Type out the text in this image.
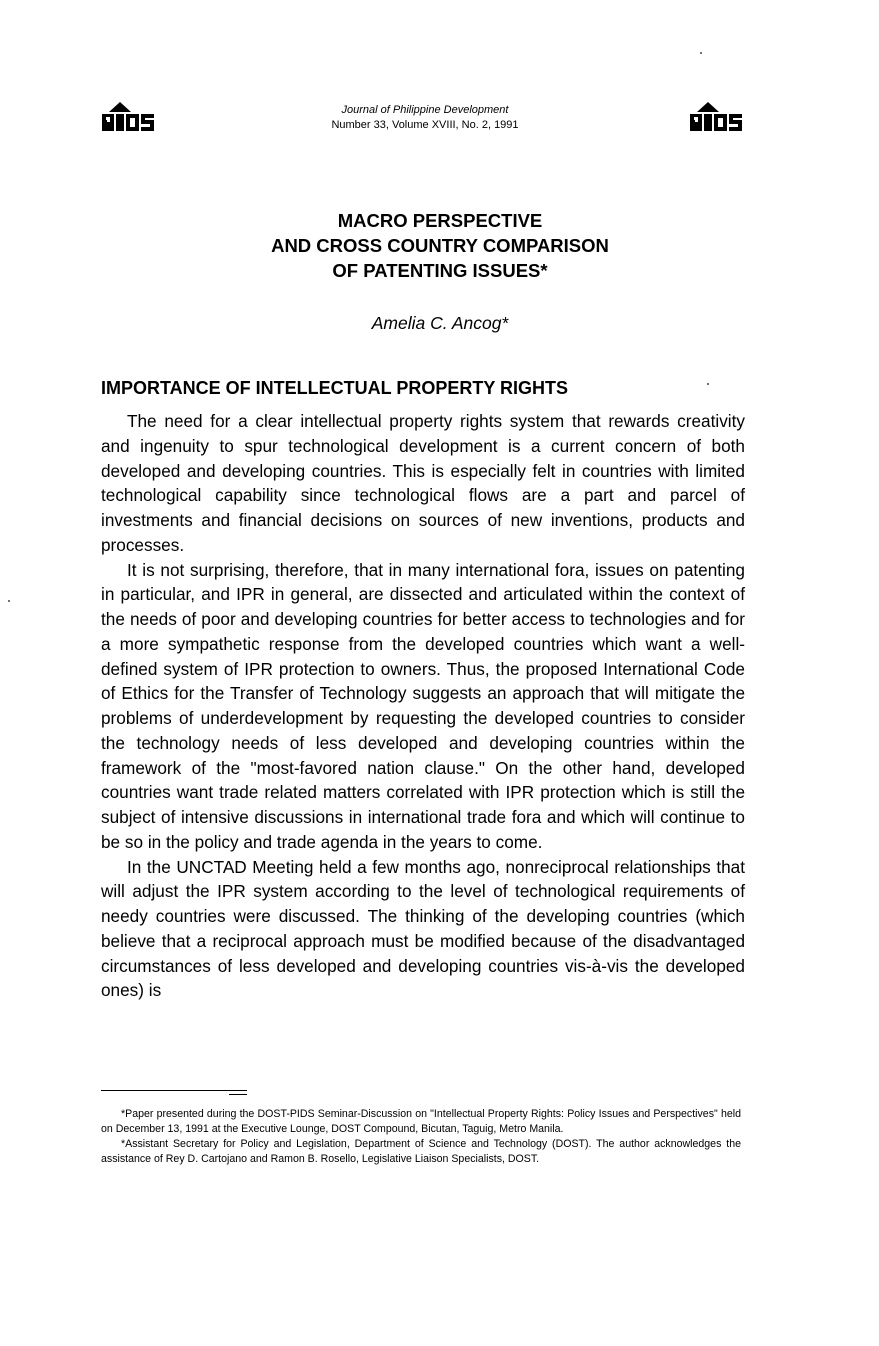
Journal of Philippine Development
Number 33, Volume XVIII, No. 2, 1991
MACRO PERSPECTIVE
AND CROSS COUNTRY COMPARISON
OF PATENTING ISSUES*
Amelia C. Ancog*
IMPORTANCE OF INTELLECTUAL PROPERTY RIGHTS

The need for a clear intellectual property rights system that rewards creativity and ingenuity to spur technological development is a current concern of both developed and developing countries. This is especially felt in countries with limited technological capability since technological flows are a part and parcel of investments and financial decisions on sources of new inventions, products and processes.

It is not surprising, therefore, that in many international fora, issues on patenting in particular, and IPR in general, are dissected and articulated within the context of the needs of poor and developing countries for better access to technologies and for a more sympathetic response from the developed countries which want a well-defined system of IPR protection to owners. Thus, the proposed International Code of Ethics for the Transfer of Technology suggests an approach that will mitigate the problems of underdevelopment by requesting the developed countries to consider the technology needs of less developed and developing countries within the framework of the "most-favored nation clause." On the other hand, developed countries want trade related matters correlated with IPR protection which is still the subject of intensive discussions in international trade fora and which will continue to be so in the policy and trade agenda in the years to come.

In the UNCTAD Meeting held a few months ago, nonreciprocal relationships that will adjust the IPR system according to the level of technological requirements of needy countries were discussed. The thinking of the developing countries (which believe that a reciprocal approach must be modified because of the disadvantaged circumstances of less developed and developing countries vis-à-vis the developed ones) is

*Paper presented during the DOST-PIDS Seminar-Discussion on "Intellectual Property Rights: Policy Issues and Perspectives" held on December 13, 1991 at the Executive Lounge, DOST Compound, Bicutan, Taguig, Metro Manila.

*Assistant Secretary for Policy and Legislation, Department of Science and Technology (DOST). The author acknowledges the assistance of Rey D. Cartojano and Ramon B. Rosello, Legislative Liaison Specialists, DOST.
